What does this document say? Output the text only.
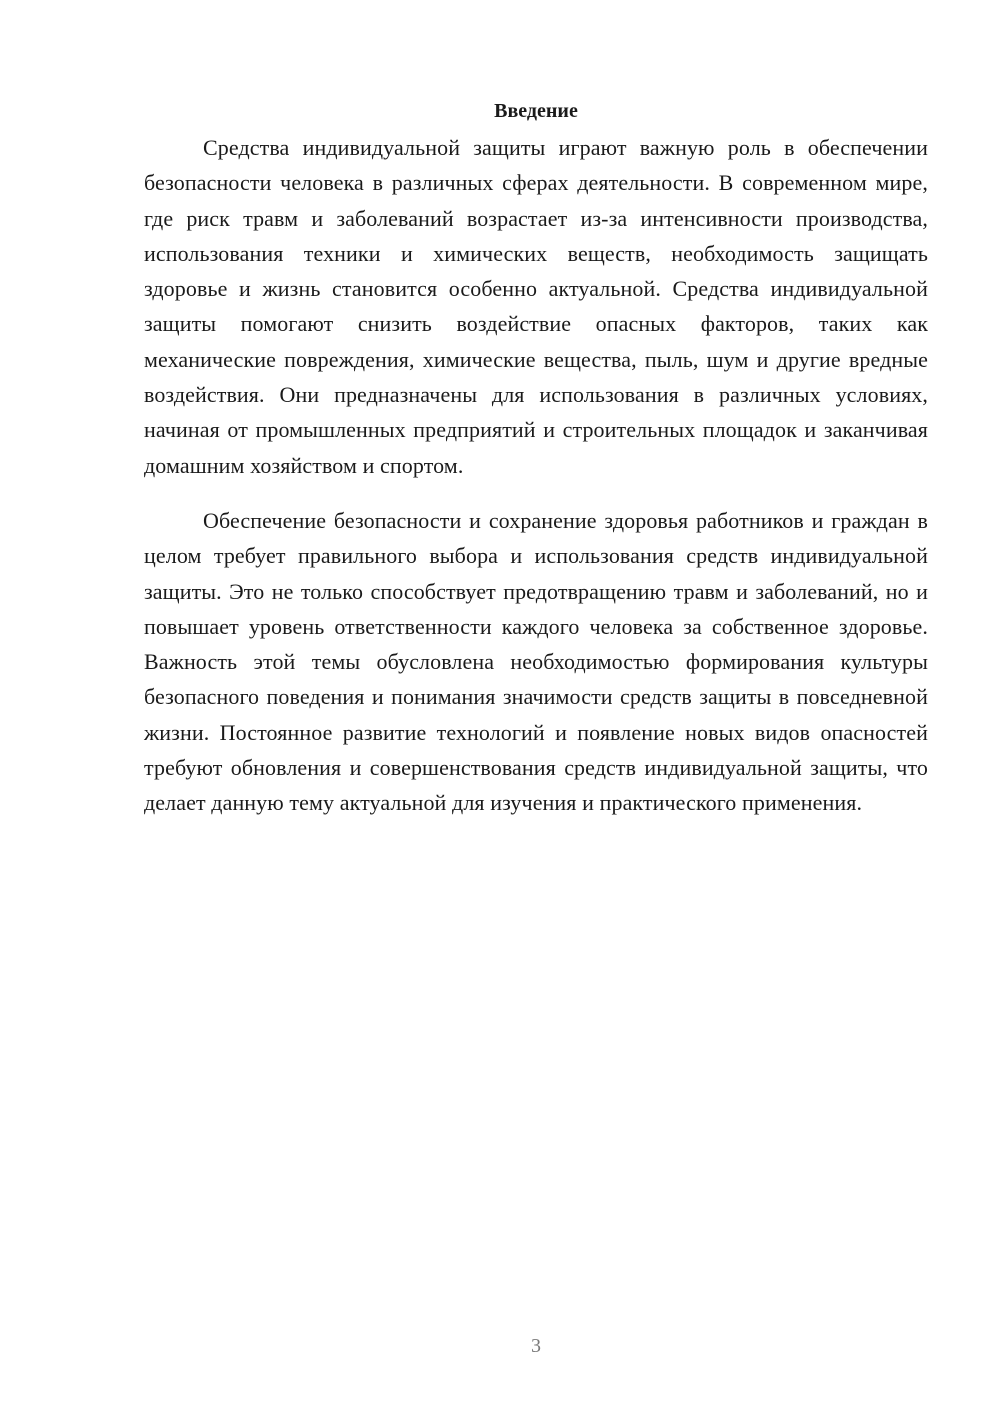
Введение

Средства индивидуальной защиты играют важную роль в обеспечении безопасности человека в различных сферах деятельности. В современном мире, где риск травм и заболеваний возрастает из-за интенсивности производства, использования техники и химических веществ, необходимость защищать здоровье и жизнь становится особенно актуальной. Средства индивидуальной защиты помогают снизить воздействие опасных факторов, таких как механические повреждения, химические вещества, пыль, шум и другие вредные воздействия. Они предназначены для использования в различных условиях, начиная от промышленных предприятий и строительных площадок и заканчивая домашним хозяйством и спортом.

Обеспечение безопасности и сохранение здоровья работников и граждан в целом требует правильного выбора и использования средств индивидуальной защиты. Это не только способствует предотвращению травм и заболеваний, но и повышает уровень ответственности каждого человека за собственное здоровье. Важность этой темы обусловлена необходимостью формирования культуры безопасного поведения и понимания значимости средств защиты в повседневной жизни. Постоянное развитие технологий и появление новых видов опасностей требуют обновления и совершенствования средств индивидуальной защиты, что делает данную тему актуальной для изучения и практического применения.

3
